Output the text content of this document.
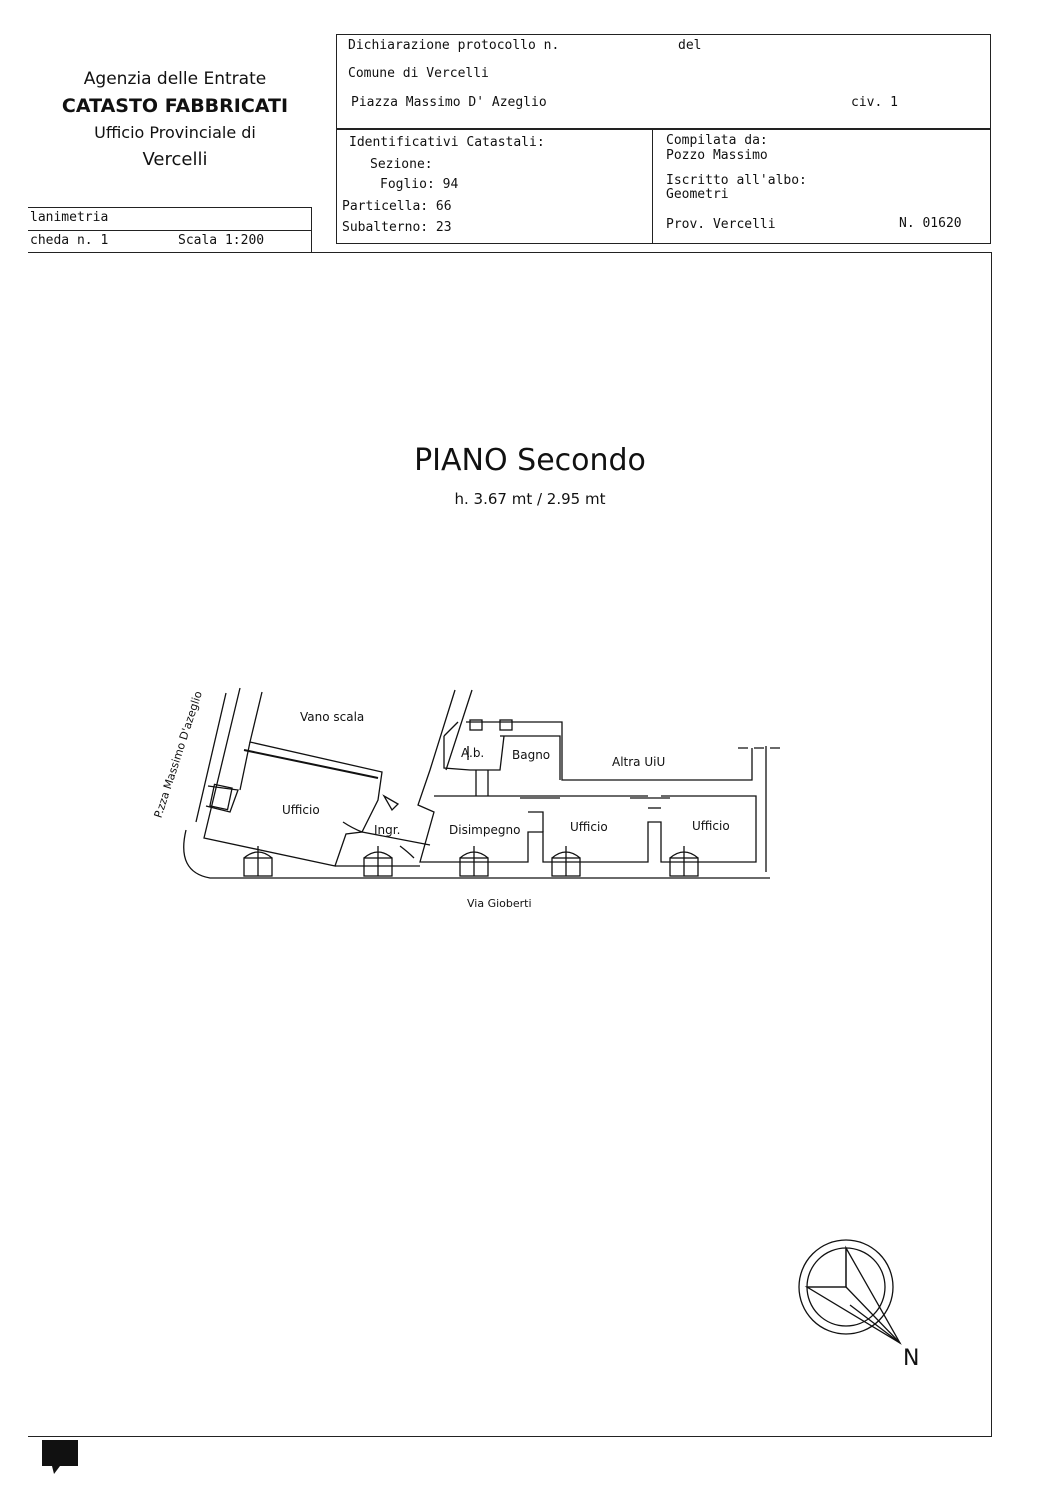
Agenzia delle Entrate
CATASTO FABBRICATI
Ufficio Provinciale di
Vercelli
Dichiarazione protocollo n.	del
Comune di Vercelli
Piazza Massimo D' Azeglio	civ. 1
Identificativi Catastali:
Sezione:
Foglio: 94
Particella: 66
Subalterno: 23
Compilata da:
Pozzo Massimo
Iscritto all'albo:
Geometri
Prov. Vercelli	N. 01620
lanimetria
cheda n. 1	Scala 1:200
PIANO Secondo
h. 3.67 mt / 2.95 mt
Vano scala
Ufficio
Ingr.	Disimpegno
A.b. Bagno	Altra UiU
Ufficio	Ufficio
P.zza Massimo D'azeglio
Via Gioberti
N
